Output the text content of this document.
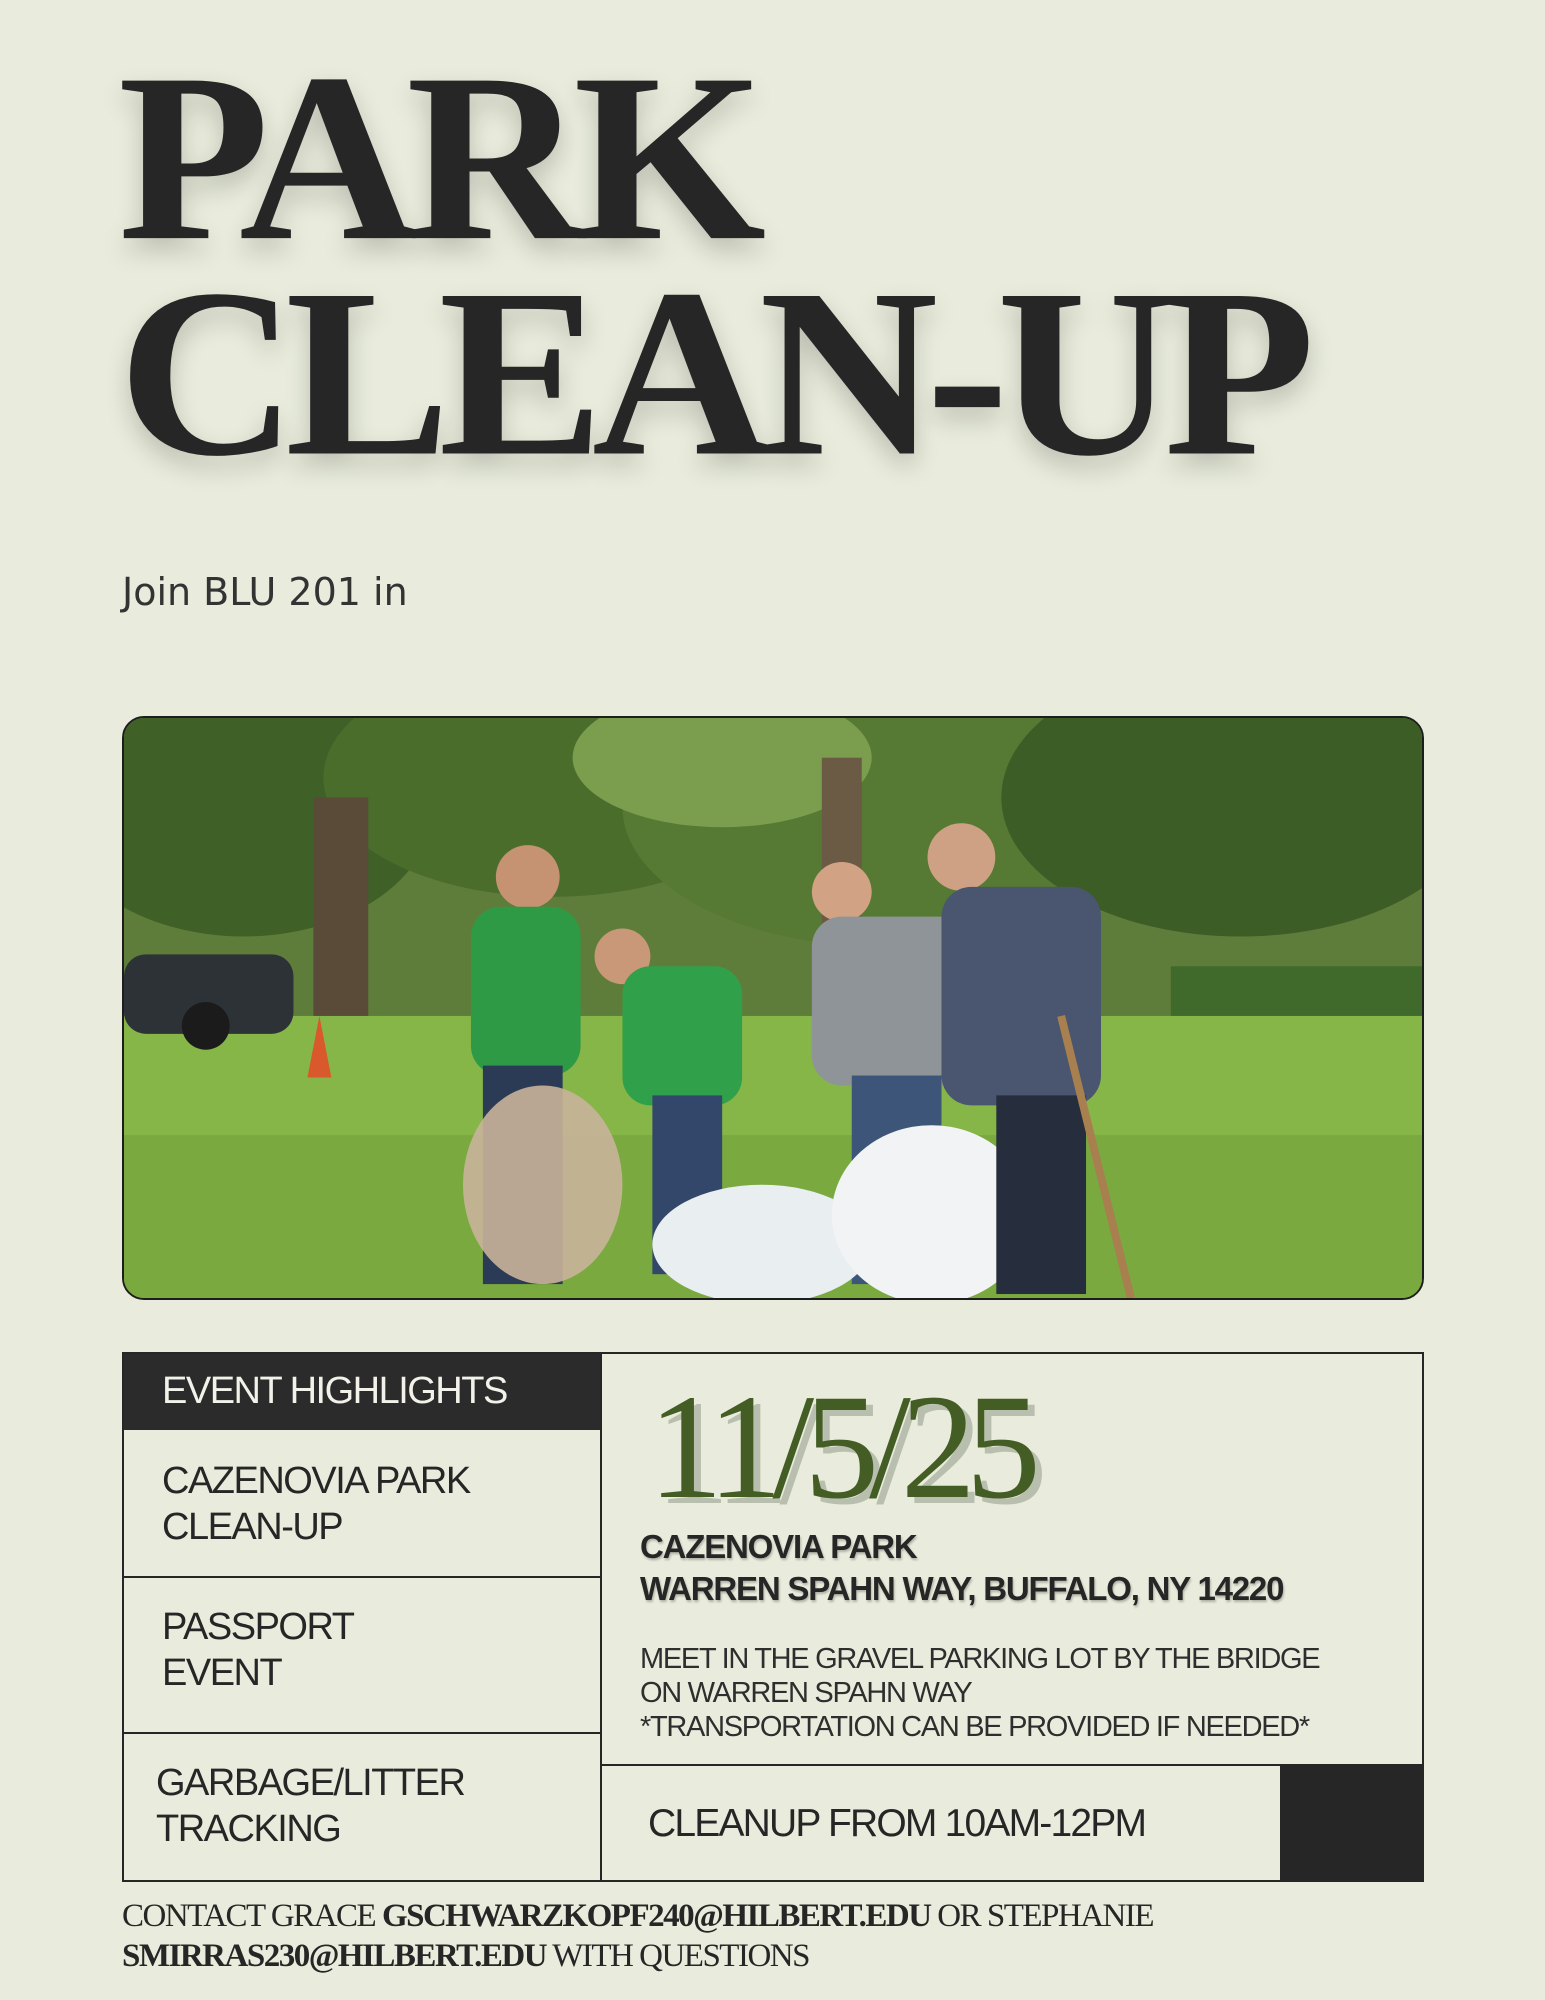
PARK
CLEAN-UP
Join BLU 201 in
EVENT HIGHLIGHTS
CAZENOVIA PARK
CLEAN-UP
PASSPORT
EVENT
GARBAGE/LITTER
TRACKING
11/5/25
CAZENOVIA PARK
WARREN SPAHN WAY, BUFFALO, NY 14220
MEET IN THE GRAVEL PARKING LOT BY THE BRIDGE
ON WARREN SPAHN WAY
*TRANSPORTATION CAN BE PROVIDED IF NEEDED*
CLEANUP FROM 10AM-12PM
CONTACT GRACE GSCHWARZKOPF240@HILBERT.EDU OR STEPHANIE
SMIRRAS230@HILBERT.EDU WITH QUESTIONS
